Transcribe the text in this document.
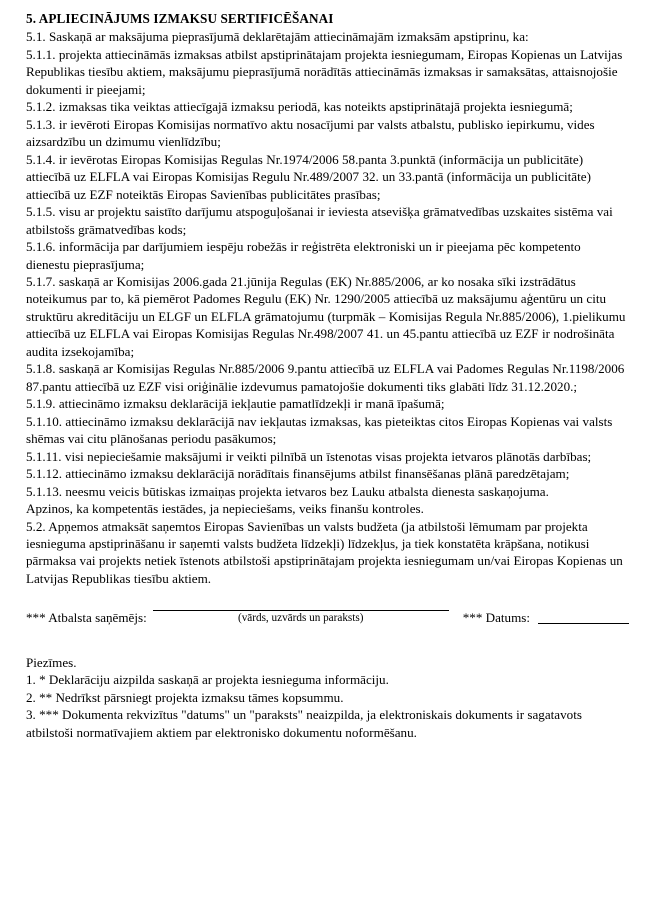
5. APLIECINĀJUMS IZMAKSU SERTIFICĒŠANAI

5.1. Saskaņā ar maksājuma pieprasījumā deklarētajām attiecināmajām izmaksām apstiprinu, ka:

5.1.1. projekta attiecināmās izmaksas atbilst apstiprinātajam projekta iesniegumam, Eiropas Kopienas un Latvijas Republikas tiesību aktiem, maksājumu pieprasījumā norādītās attiecināmās izmaksas ir samaksātas, attaisnojošie dokumenti ir pieejami;

5.1.2. izmaksas tika veiktas attiecīgajā izmaksu periodā, kas noteikts apstiprinātajā projekta iesniegumā;

5.1.3. ir ievēroti Eiropas Komisijas normatīvo aktu nosacījumi par valsts atbalstu, publisko iepirkumu, vides aizsardzību un dzimumu vienlīdzību;

5.1.4. ir ievērotas Eiropas Komisijas Regulas Nr.1974/2006 58.panta 3.punktā (informācija un publicitāte) attiecībā uz ELFLA vai Eiropas Komisijas Regulu Nr.489/2007 32. un 33.pantā (informācija un publicitāte) attiecībā uz EZF noteiktās Eiropas Savienības publicitātes prasības;

5.1.5. visu ar projektu saistīto darījumu atspoguļošanai ir ieviesta atsevišķa grāmatvedības uzskaites sistēma vai atbilstošs grāmatvedības kods;

5.1.6. informācija par darījumiem iespēju robežās ir reģistrēta elektroniski un ir pieejama pēc kompetento dienestu pieprasījuma;

5.1.7. saskaņā ar Komisijas 2006.gada 21.jūnija Regulas (EK) Nr.885/2006, ar ko nosaka sīki izstrādātus noteikumus par to, kā piemērot Padomes Regulu (EK) Nr. 1290/2005 attiecībā uz maksājumu aģentūru un citu struktūru akreditāciju un ELGF un ELFLA grāmatojumu (turpmāk – Komisijas Regula Nr.885/2006), 1.pielikumu attiecībā uz ELFLA vai Eiropas Komisijas Regulas Nr.498/2007 41. un 45.pantu attiecībā uz EZF ir nodrošināta audita izsekojamība;

5.1.8. saskaņā ar Komisijas Regulas Nr.885/2006 9.pantu attiecībā uz ELFLA vai Padomes Regulas Nr.1198/2006 87.pantu attiecībā uz EZF visi oriģinālie izdevumus pamatojošie dokumenti tiks glabāti līdz 31.12.2020.;

5.1.9. attiecināmo izmaksu deklarācijā iekļautie pamatlīdzekļi ir manā īpašumā;

5.1.10. attiecināmo izmaksu deklarācijā nav iekļautas izmaksas, kas pieteiktas citos Eiropas Kopienas vai valsts shēmas vai citu plānošanas periodu pasākumos;

5.1.11. visi nepieciešamie maksājumi ir veikti pilnībā un īstenotas visas projekta ietvaros plānotās darbības;

5.1.12. attiecināmo izmaksu deklarācijā norādītais finansējums atbilst finansēšanas plānā paredzētajam;

5.1.13. neesmu veicis būtiskas izmaiņas projekta ietvaros bez Lauku atbalsta dienesta saskaņojuma.

Apzinos, ka kompetentās iestādes, ja nepieciešams, veiks finanšu kontroles.

5.2. Apņemos atmaksāt saņemtos Eiropas Savienības un valsts budžeta (ja atbilstoši lēmumam par projekta iesnieguma apstiprināšanu ir saņemti valsts budžeta līdzekļi) līdzekļus, ja tiek konstatēta krāpšana, notikusi pārmaksa vai projekts netiek īstenots atbilstoši apstiprinātajam projekta iesniegumam un/vai Eiropas Kopienas un Latvijas Republikas tiesību aktiem.

*** Atbalsta saņēmējs:	(vārds, uzvārds un paraksts)	*** Datums:

Piezīmes.

1. * Deklarāciju aizpilda saskaņā ar projekta iesnieguma informāciju.

2. ** Nedrīkst pārsniegt projekta izmaksu tāmes kopsummu.

3. *** Dokumenta rekvizītus "datums" un "paraksts" neaizpilda, ja elektroniskais dokuments ir sagatavots atbilstoši normatīvajiem aktiem par elektronisko dokumentu noformēšanu.
